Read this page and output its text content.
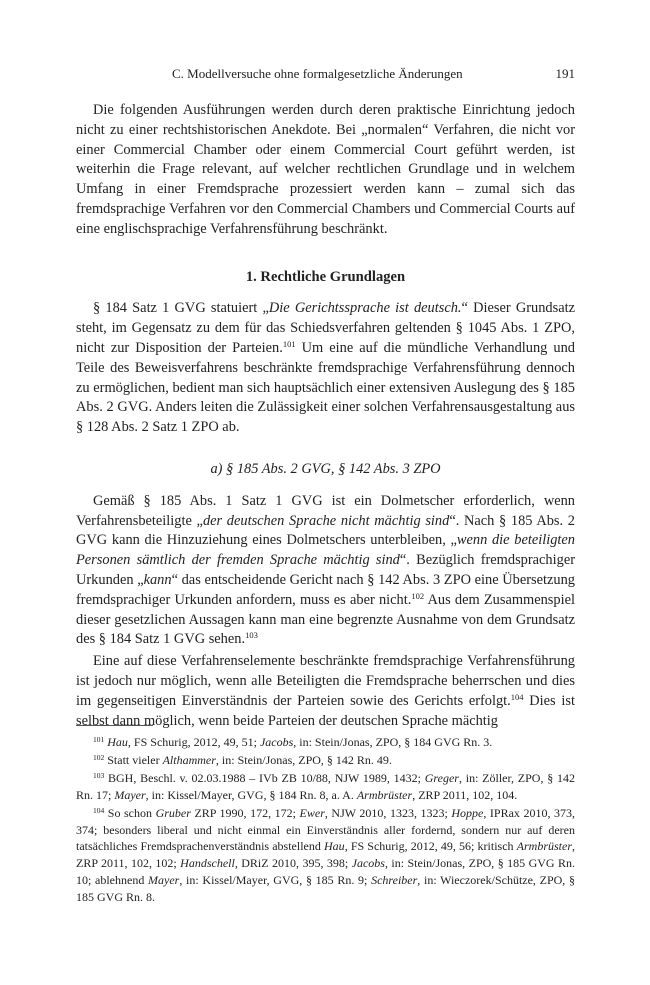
C. Modellversuche ohne formalgesetzliche Änderungen	191

Die folgenden Ausführungen werden durch deren praktische Einrichtung jedoch nicht zu einer rechtshistorischen Anekdote. Bei „normalen“ Verfahren, die nicht vor einer Commercial Chamber oder einem Commercial Court geführt werden, ist weiterhin die Frage relevant, auf welcher rechtlichen Grundlage und in welchem Umfang in einer Fremdsprache prozessiert werden kann – zumal sich das fremdsprachige Verfahren vor den Commercial Chambers und Commercial Courts auf eine englischsprachige Verfahrensführung beschränkt.

1. Rechtliche Grundlagen

§ 184 Satz 1 GVG statuiert „Die Gerichtssprache ist deutsch.“ Dieser Grundsatz steht, im Gegensatz zu dem für das Schiedsverfahren geltenden § 1045 Abs. 1 ZPO, nicht zur Disposition der Parteien.$^{101}$ Um eine auf die mündliche Verhandlung und Teile des Beweisverfahrens beschränkte fremdsprachige Verfahrensführung dennoch zu ermöglichen, bedient man sich hauptsächlich einer extensiven Auslegung des § 185 Abs. 2 GVG. Anders leiten die Zulässigkeit einer solchen Verfahrensausgestaltung aus § 128 Abs. 2 Satz 1 ZPO ab.

a) § 185 Abs. 2 GVG, § 142 Abs. 3 ZPO

Gemäß § 185 Abs. 1 Satz 1 GVG ist ein Dolmetscher erforderlich, wenn Verfahrensbeteiligte „der deutschen Sprache nicht mächtig sind“. Nach § 185 Abs. 2 GVG kann die Hinzuziehung eines Dolmetschers unterbleiben, „wenn die beteiligten Personen sämtlich der fremden Sprache mächtig sind“. Bezüglich fremdsprachiger Urkunden „kann“ das entscheidende Gericht nach § 142 Abs. 3 ZPO eine Übersetzung fremdsprachiger Urkunden anfordern, muss es aber nicht.$^{102}$ Aus dem Zusammenspiel dieser gesetzlichen Aussagen kann man eine begrenzte Ausnahme von dem Grundsatz des § 184 Satz 1 GVG sehen.$^{103}$

Eine auf diese Verfahrenselemente beschränkte fremdsprachige Verfahrensführung ist jedoch nur möglich, wenn alle Beteiligten die Fremdsprache beherrschen und dies im gegenseitigen Einverständnis der Parteien sowie des Gerichts erfolgt.$^{104}$ Dies ist selbst dann möglich, wenn beide Parteien der deutschen Sprache mächtig

$^{101}$ Hau, FS Schurig, 2012, 49, 51; Jacobs, in: Stein/Jonas, ZPO, § 184 GVG Rn. 3.

$^{102}$ Statt vieler Althammer, in: Stein/Jonas, ZPO, § 142 Rn. 49.

$^{103}$ BGH, Beschl. v. 02.03.1988 – IVb ZB 10/88, NJW 1989, 1432; Greger, in: Zöller, ZPO, § 142 Rn. 17; Mayer, in: Kissel/Mayer, GVG, § 184 Rn. 8, a. A. Armbrüster, ZRP 2011, 102, 104.

$^{104}$ So schon Gruber ZRP 1990, 172, 172; Ewer, NJW 2010, 1323, 1323; Hoppe, IPRax 2010, 373, 374; besonders liberal und nicht einmal ein Einverständnis aller fordernd, sondern nur auf deren tatsächliches Fremdsprachenverständnis abstellend Hau, FS Schurig, 2012, 49, 56; kritisch Armbrüster, ZRP 2011, 102, 102; Handschell, DRiZ 2010, 395, 398; Jacobs, in: Stein/Jonas, ZPO, § 185 GVG Rn. 10; ablehnend Mayer, in: Kissel/Mayer, GVG, § 185 Rn. 9; Schreiber, in: Wieczorek/Schütze, ZPO, § 185 GVG Rn. 8.
